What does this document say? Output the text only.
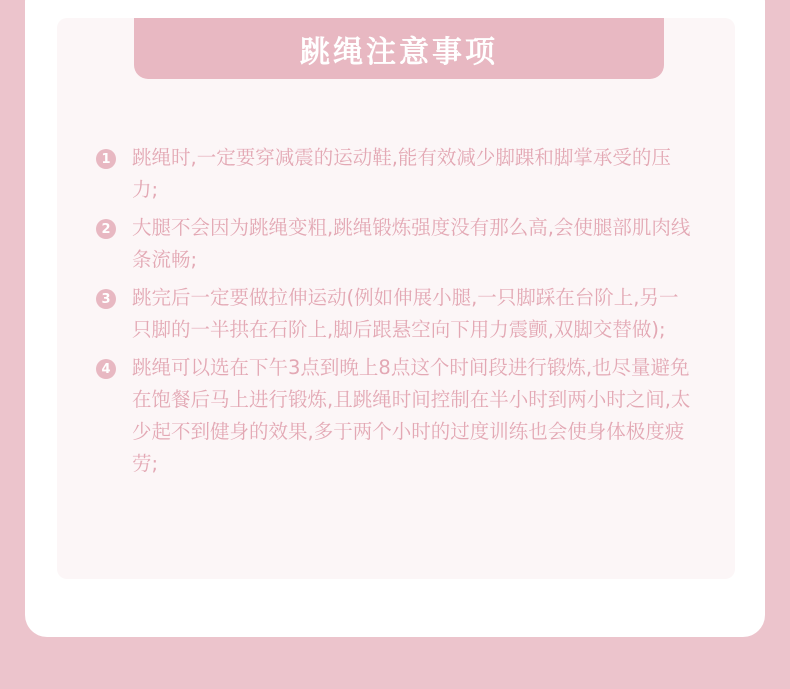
跳绳注意事项
1 跳绳时,一定要穿减震的运动鞋,能有效减少脚踝和脚掌承受的压力;
2 大腿不会因为跳绳变粗,跳绳锻炼强度没有那么高,会使腿部肌肉线条流畅;
3 跳完后一定要做拉伸运动(例如伸展小腿,一只脚踩在台阶上,另一只脚的一半拱在石阶上,脚后跟悬空向下用力震颤,双脚交替做);
4 跳绳可以选在下午3点到晚上8点这个时间段进行锻炼,也尽量避免在饱餐后马上进行锻炼,且跳绳时间控制在半小时到两小时之间,太少起不到健身的效果,多于两个小时的过度训练也会使身体极度疲劳;
